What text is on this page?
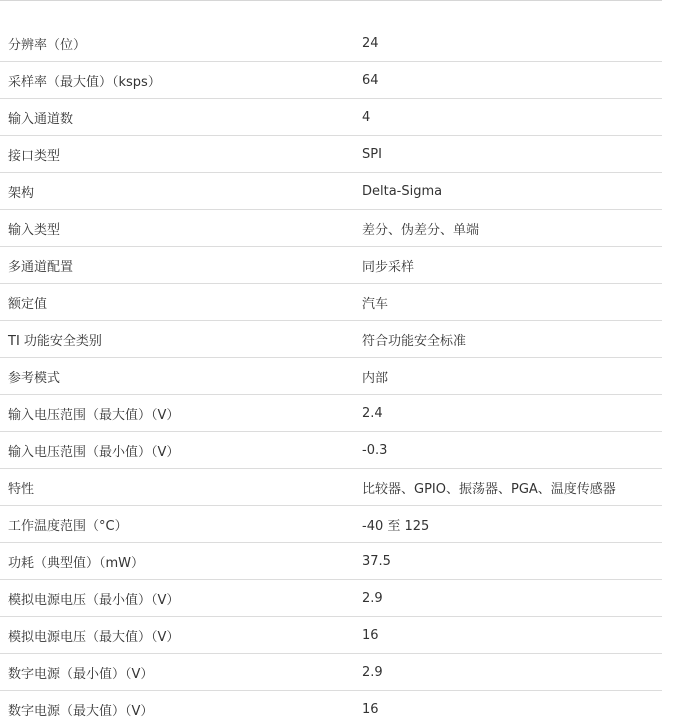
分辨率（位）	24
采样率（最大值）（ksps）	64
输入通道数	4
接口类型	SPI
架构	Delta-Sigma
输入类型	差分、伪差分、单端
多通道配置	同步采样
额定值	汽车
TI 功能安全类别	符合功能安全标准
参考模式	内部
输入电压范围（最大值）（V）	2.4
输入电压范围（最小值）（V）	-0.3
特性	比较器、GPIO、振荡器、PGA、温度传感器
工作温度范围（°C）	-40 至 125
功耗（典型值）（mW）	37.5
模拟电源电压（最小值）（V）	2.9
模拟电源电压（最大值）（V）	16
数字电源（最小值）（V）	2.9
数字电源（最大值）（V）	16
